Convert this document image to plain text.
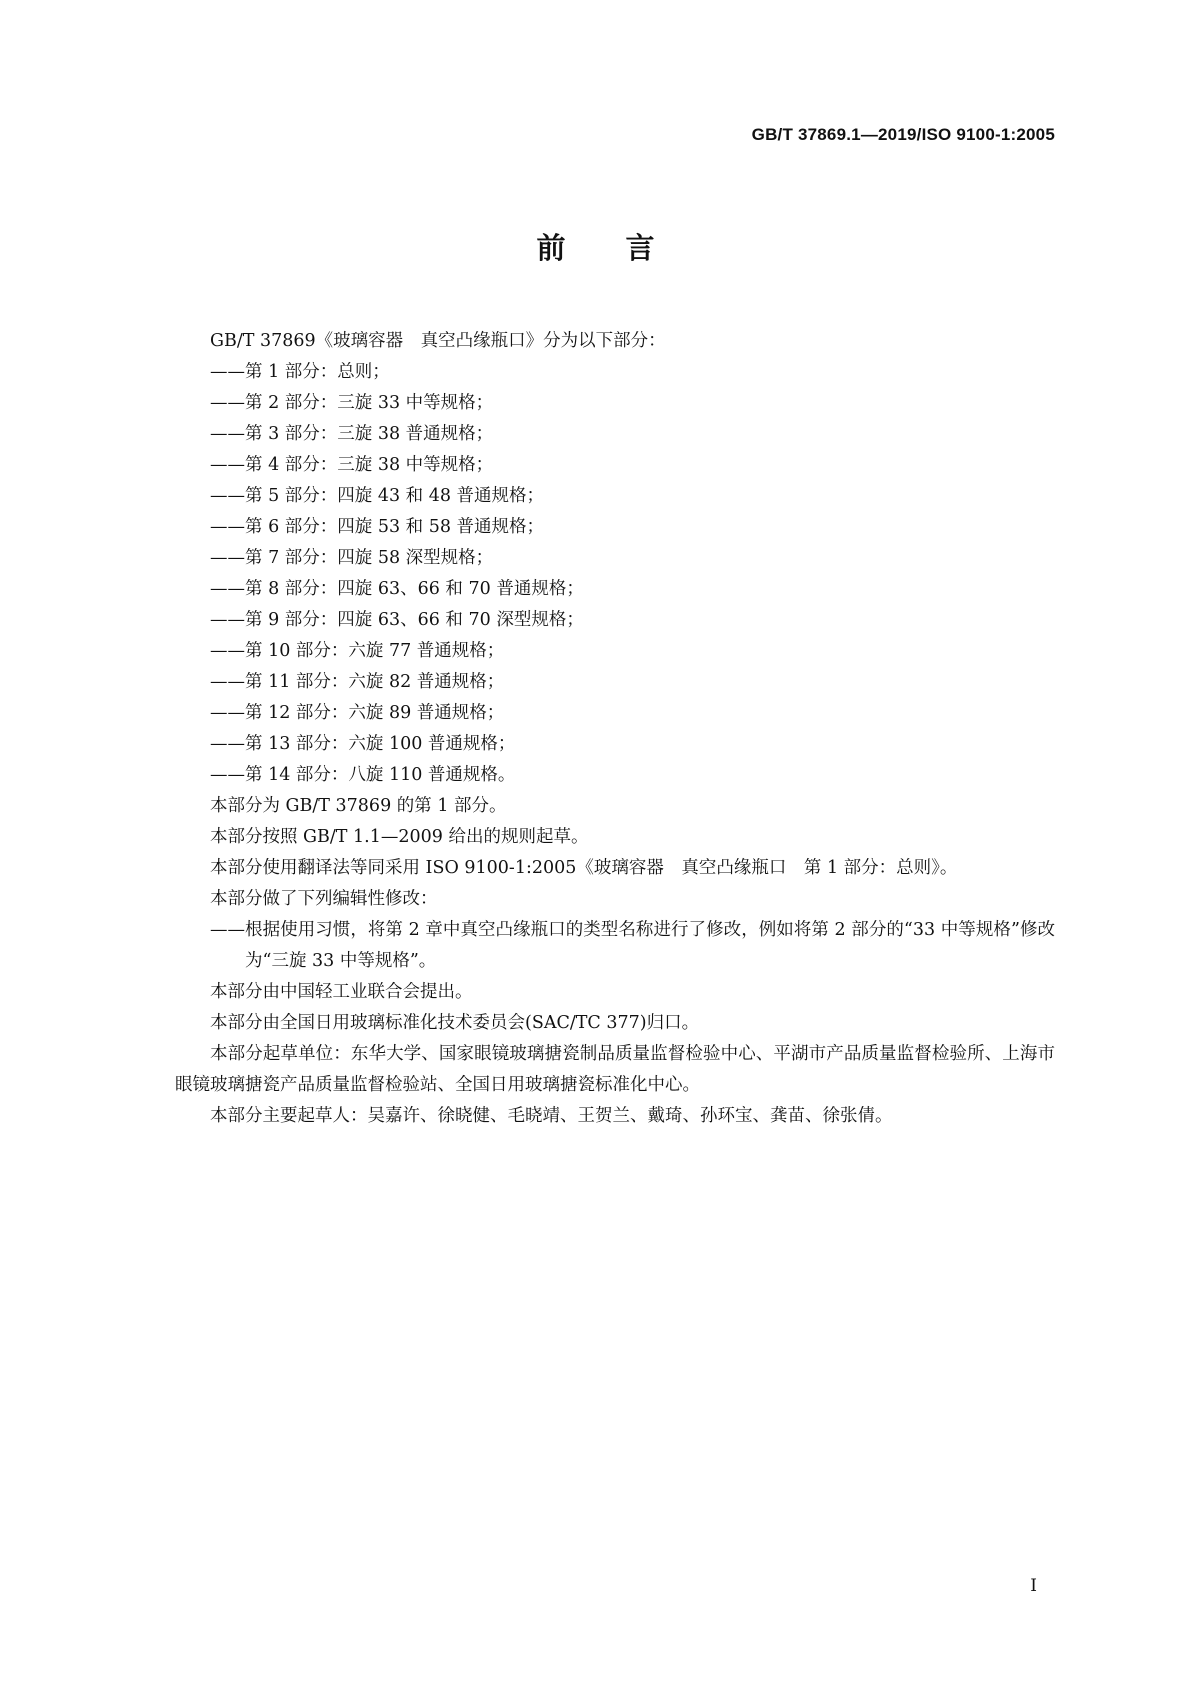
GB/T 37869.1—2019/ISO 9100-1:2005
前言

GB/T 37869《玻璃容器　真空凸缘瓶口》分为以下部分：

——第 1 部分：总则；

——第 2 部分：三旋 33 中等规格；

——第 3 部分：三旋 38 普通规格；

——第 4 部分：三旋 38 中等规格；

——第 5 部分：四旋 43 和 48 普通规格；

——第 6 部分：四旋 53 和 58 普通规格；

——第 7 部分：四旋 58 深型规格；

——第 8 部分：四旋 63、66 和 70 普通规格；

——第 9 部分：四旋 63、66 和 70 深型规格；

——第 10 部分：六旋 77 普通规格；

——第 11 部分：六旋 82 普通规格；

——第 12 部分：六旋 89 普通规格；

——第 13 部分：六旋 100 普通规格；

——第 14 部分：八旋 110 普通规格。

本部分为 GB/T 37869 的第 1 部分。

本部分按照 GB/T 1.1—2009 给出的规则起草。

本部分使用翻译法等同采用 ISO 9100-1:2005《玻璃容器　真空凸缘瓶口　第 1 部分：总则》。

本部分做了下列编辑性修改：

——根据使用习惯，将第 2 章中真空凸缘瓶口的类型名称进行了修改，例如将第 2 部分的“33 中等规格”修改为“三旋 33 中等规格”。

本部分由中国轻工业联合会提出。

本部分由全国日用玻璃标准化技术委员会(SAC/TC 377)归口。

本部分起草单位：东华大学、国家眼镜玻璃搪瓷制品质量监督检验中心、平湖市产品质量监督检验所、上海市眼镜玻璃搪瓷产品质量监督检验站、全国日用玻璃搪瓷标准化中心。

本部分主要起草人：吴嘉许、徐晓健、毛晓靖、王贺兰、戴琦、孙环宝、龚苗、徐张倩。

I
